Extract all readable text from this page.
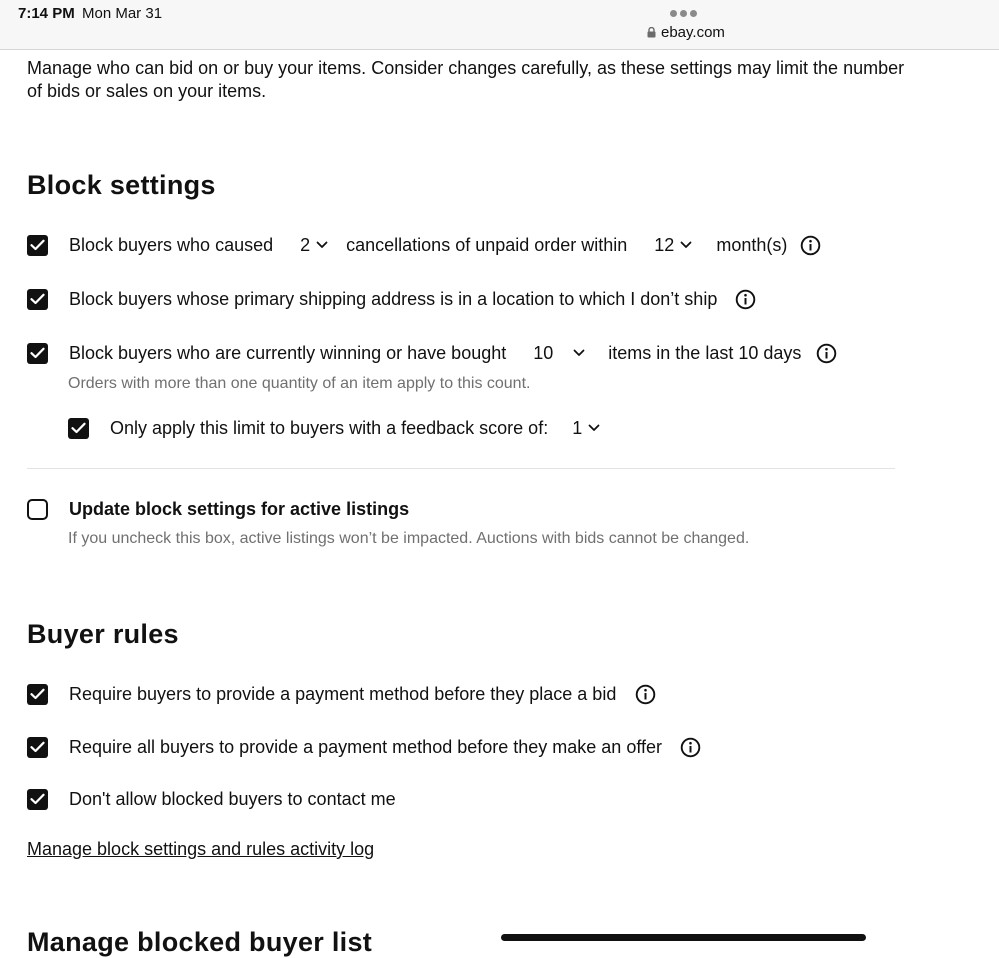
7:14 PM Mon Mar 31
ebay.com

Manage who can bid on or buy your items. Consider changes carefully, as these settings may limit the number of bids or sales on your items.

Block settings
Block buyers who caused 2 cancellations of unpaid order within 12 month(s)
Block buyers whose primary shipping address is in a location to which I don’t ship
Block buyers who are currently winning or have bought 10	items in the last 10 days
Orders with more than one quantity of an item apply to this count.
Only apply this limit to buyers with a feedback score of: 1
Update block settings for active listings
If you uncheck this box, active listings won’t be impacted. Auctions with bids cannot be changed.
Buyer rules
Require buyers to provide a payment method before they place a bid
Require all buyers to provide a payment method before they make an offer
Don't allow blocked buyers to contact me
Manage block settings and rules activity log
Manage blocked buyer list
